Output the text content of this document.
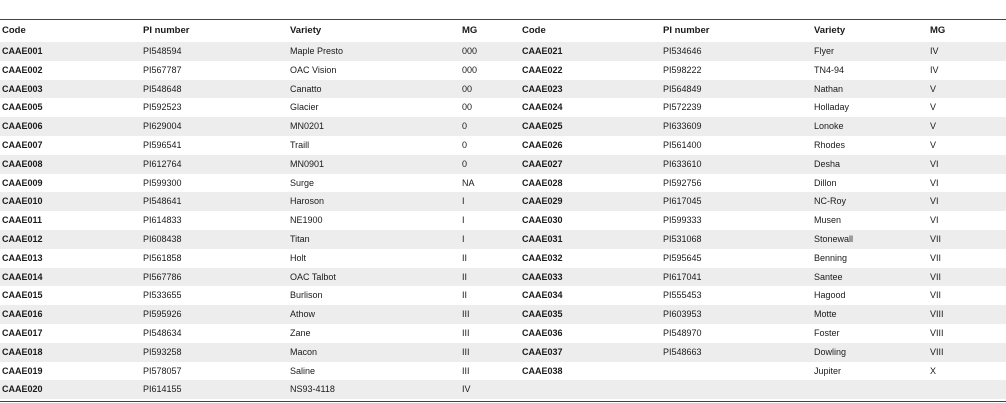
Code	PI number	Variety	MG	Code	PI number	Variety	MG
CAAE001	PI548594	Maple Presto	000	CAAE021	PI534646	Flyer	IV
CAAE002	PI567787	OAC Vision	000	CAAE022	PI598222	TN4-94	IV
CAAE003	PI548648	Canatto	00	CAAE023	PI564849	Nathan	V
CAAE005	PI592523	Glacier	00	CAAE024	PI572239	Holladay	V
CAAE006	PI629004	MN0201	0	CAAE025	PI633609	Lonoke	V
CAAE007	PI596541	Traill	0	CAAE026	PI561400	Rhodes	V
CAAE008	PI612764	MN0901	0	CAAE027	PI633610	Desha	VI
CAAE009	PI599300	Surge	NA	CAAE028	PI592756	Dillon	VI
CAAE010	PI548641	Haroson	I	CAAE029	PI617045	NC-Roy	VI
CAAE011	PI614833	NE1900	I	CAAE030	PI599333	Musen	VI
CAAE012	PI608438	Titan	I	CAAE031	PI531068	Stonewall	VII
CAAE013	PI561858	Holt	II	CAAE032	PI595645	Benning	VII
CAAE014	PI567786	OAC Talbot	II	CAAE033	PI617041	Santee	VII
CAAE015	PI533655	Burlison	II	CAAE034	PI555453	Hagood	VII
CAAE016	PI595926	Athow	III	CAAE035	PI603953	Motte	VIII
CAAE017	PI548634	Zane	III	CAAE036	PI548970	Foster	VIII
CAAE018	PI593258	Macon	III	CAAE037	PI548663	Dowling	VIII
CAAE019	PI578057	Saline	III	CAAE038		Jupiter	X
CAAE020	PI614155	NS93-4118	IV				
